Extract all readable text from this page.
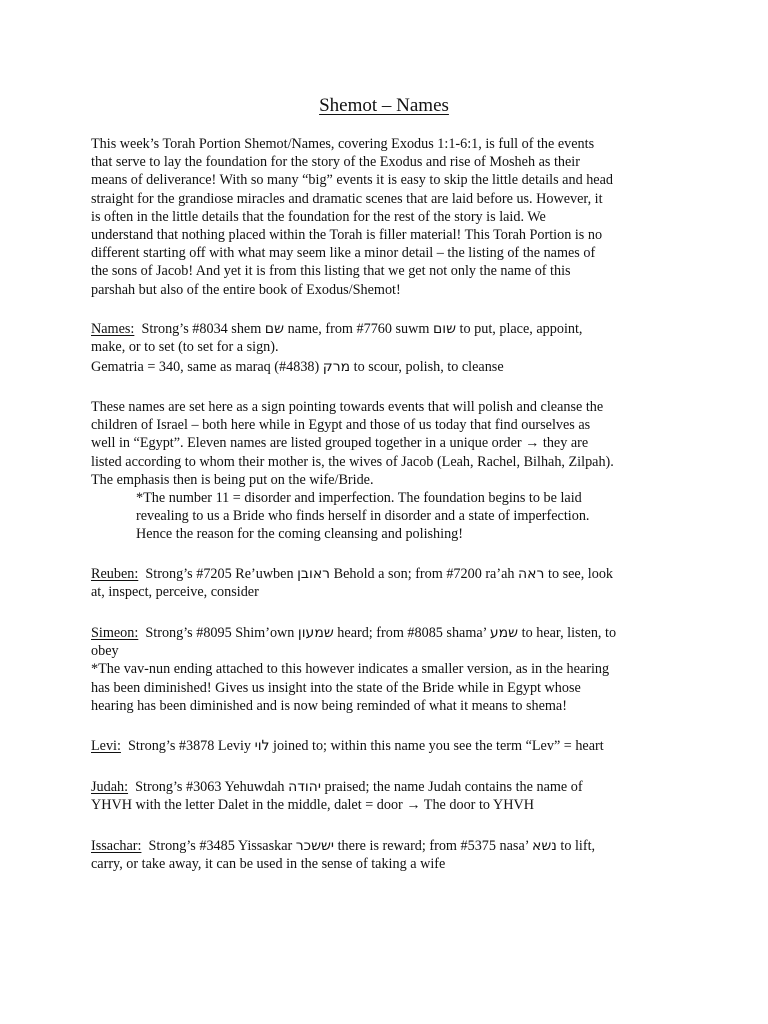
Shemot – Names
This week’s Torah Portion Shemot/Names, covering Exodus 1:1-6:1, is full of the events
that serve to lay the foundation for the story of the Exodus and rise of Mosheh as their
means of deliverance! With so many “big” events it is easy to skip the little details and head
straight for the grandiose miracles and dramatic scenes that are laid before us. However, it
is often in the little details that the foundation for the rest of the story is laid. We
understand that nothing placed within the Torah is filler material! This Torah Portion is no
different starting off with what may seem like a minor detail – the listing of the names of
the sons of Jacob! And yet it is from this listing that we get not only the name of this
parshah but also of the entire book of Exodus/Shemot!
Names:  Strong’s #8034 shem שם name, from #7760 suwm שום to put, place, appoint,
make, or to set (to set for a sign).
Gematria = 340, same as maraq (#4838) מרק to scour, polish, to cleanse
These names are set here as a sign pointing towards events that will polish and cleanse the
children of Israel – both here while in Egypt and those of us today that find ourselves as
well in “Egypt”. Eleven names are listed grouped together in a unique order → they are
listed according to whom their mother is, the wives of Jacob (Leah, Rachel, Bilhah, Zilpah).
The emphasis then is being put on the wife/Bride.
*The number 11 = disorder and imperfection. The foundation begins to be laid
revealing to us a Bride who finds herself in disorder and a state of imperfection.
Hence the reason for the coming cleansing and polishing!
Reuben:  Strong’s #7205 Re’uwben ראובן Behold a son; from #7200 ra’ah ראה to see, look
at, inspect, perceive, consider
Simeon:  Strong’s #8095 Shim’own שמעון heard; from #8085 shama’ שמע to hear, listen, to
obey
*The vav-nun ending attached to this however indicates a smaller version, as in the hearing
has been diminished! Gives us insight into the state of the Bride while in Egypt whose
hearing has been diminished and is now being reminded of what it means to shema!
Levi:  Strong’s #3878 Leviy לוי joined to; within this name you see the term “Lev” = heart
Judah:  Strong’s #3063 Yehuwdah יהודה praised; the name Judah contains the name of
YHVH with the letter Dalet in the middle, dalet = door → The door to YHVH
Issachar:  Strong’s #3485 Yissaskar יששכר there is reward; from #5375 nasa’ נשא to lift,
carry, or take away, it can be used in the sense of taking a wife
